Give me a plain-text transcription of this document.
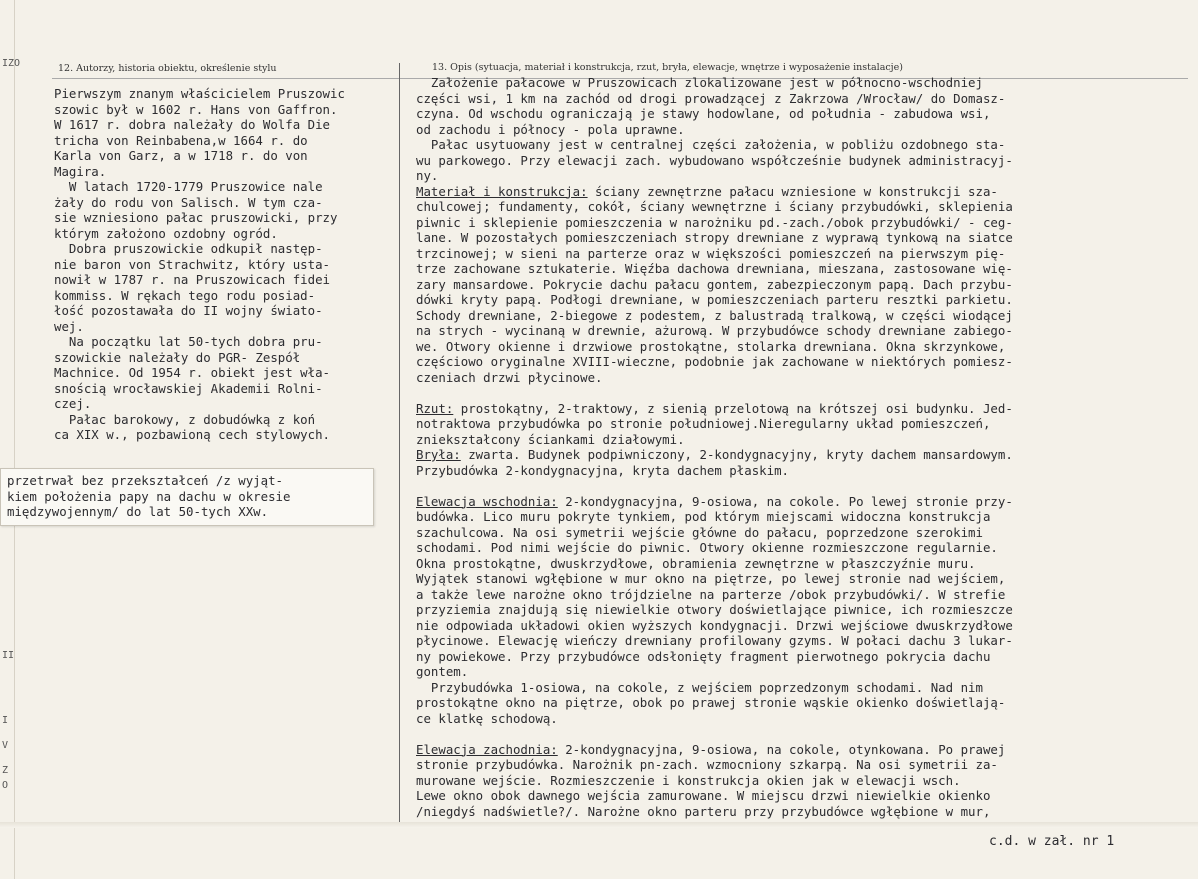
IZO
II
I
V
Z
O
12. Autorzy, historia obiektu, określenie stylu	13. Opis (sytuacja, materiał i konstrukcja, rzut, bryła, elewacje, wnętrze i wyposażenie instalacje)
Pierwszym znanym właścicielem Pruszowic
szowic był w 1602 r. Hans von Gaffron.
W 1617 r. dobra należały do Wolfa Die
tricha von Reinbabena,w 1664 r. do
Karla von Garz, a w 1718 r. do von
Magira.
W latach 1720-1779 Pruszowice nale
żały do rodu von Salisch. W tym cza-
sie wzniesiono pałac pruszowicki, przy
którym założono ozdobny ogród.
Dobra pruszowickie odkupił następ-
nie baron von Strachwitz, który usta-
nowił w 1787 r. na Pruszowicach fidei
kommiss. W rękach tego rodu posiad-
łość pozostawała do II wojny świato-
wej.
Na początku lat 50-tych dobra pru-
szowickie należały do PGR- Zespół
Machnice. Od 1954 r. obiekt jest wła-
snością wrocławskiej Akademii Rolni-
czej.
Pałac barokowy, z dobudówką z koń
ca XIX w., pozbawioną cech stylowych.
przetrwał bez przekształceń /z wyjąt-
kiem położenia papy na dachu w okresie
międzywojennym/ do lat 50-tych XXw.
Założenie pałacowe w Pruszowicach zlokalizowane jest w północno-wschodniej
części wsi, 1 km na zachód od drogi prowadzącej z Zakrzowa /Wrocław/ do Domasz-
czyna. Od wschodu ograniczają je stawy hodowlane, od południa - zabudowa wsi,
od zachodu i północy - pola uprawne.
Pałac usytuowany jest w centralnej części założenia, w pobliżu ozdobnego sta-
wu parkowego. Przy elewacji zach. wybudowano współcześnie budynek administracyj-
ny.
Materiał i konstrukcja: ściany zewnętrzne pałacu wzniesione w konstrukcji sza-
chulcowej; fundamenty, cokół, ściany wewnętrzne i ściany przybudówki, sklepienia
piwnic i sklepienie pomieszczenia w narożniku pd.-zach./obok przybudówki/ - ceg-
lane. W pozostałych pomieszczeniach stropy drewniane z wyprawą tynkową na siatce
trzcinowej; w sieni na parterze oraz w większości pomieszczeń na pierwszym pię-
trze zachowane sztukaterie. Więźba dachowa drewniana, mieszana, zastosowane wię-
zary mansardowe. Pokrycie dachu pałacu gontem, zabezpieczonym papą. Dach przybu-
dówki kryty papą. Podłogi drewniane, w pomieszczeniach parteru resztki parkietu.
Schody drewniane, 2-biegowe z podestem, z balustradą tralkową, w części wiodącej
na strych - wycinaną w drewnie, ażurową. W przybudówce schody drewniane zabiego-
we. Otwory okienne i drzwiowe prostokątne, stolarka drewniana. Okna skrzynkowe,
częściowo oryginalne XVIII-wieczne, podobnie jak zachowane w niektórych pomiesz-
czeniach drzwi płycinowe.
Rzut: prostokątny, 2-traktowy, z sienią przelotową na krótszej osi budynku. Jed-
notraktowa przybudówka po stronie południowej.Nieregularny układ pomieszczeń,
zniekształcony ściankami działowymi.
Bryła: zwarta. Budynek podpiwniczony, 2-kondygnacyjny, kryty dachem mansardowym.
Przybudówka 2-kondygnacyjna, kryta dachem płaskim.
Elewacja wschodnia: 2-kondygnacyjna, 9-osiowa, na cokole. Po lewej stronie przy-
budówka. Lico muru pokryte tynkiem, pod którym miejscami widoczna konstrukcja
szachulcowa. Na osi symetrii wejście główne do pałacu, poprzedzone szerokimi
schodami. Pod nimi wejście do piwnic. Otwory okienne rozmieszczone regularnie.
Okna prostokątne, dwuskrzydłowe, obramienia zewnętrzne w płaszczyźnie muru.
Wyjątek stanowi wgłębione w mur okno na piętrze, po lewej stronie nad wejściem,
a także lewe narożne okno trójdzielne na parterze /obok przybudówki/. W strefie
przyziemia znajdują się niewielkie otwory doświetlające piwnice, ich rozmieszcze
nie odpowiada układowi okien wyższych kondygnacji. Drzwi wejściowe dwuskrzydłowe
płycinowe. Elewację wieńczy drewniany profilowany gzyms. W połaci dachu 3 lukar-
ny powiekowe. Przy przybudówce odsłonięty fragment pierwotnego pokrycia dachu
gontem.
Przybudówka 1-osiowa, na cokole, z wejściem poprzedzonym schodami. Nad nim
prostokątne okno na piętrze, obok po prawej stronie wąskie okienko doświetlają-
ce klatkę schodową.
Elewacja zachodnia: 2-kondygnacyjna, 9-osiowa, na cokole, otynkowana. Po prawej
stronie przybudówka. Narożnik pn-zach. wzmocniony szkarpą. Na osi symetrii za-
murowane wejście. Rozmieszczenie i konstrukcja okien jak w elewacji wsch.
Lewe okno obok dawnego wejścia zamurowane. W miejscu drzwi niewielkie okienko
/niegdyś nadświetle?/. Narożne okno parteru przy przybudówce wgłębione w mur,
c.d. w zał. nr 1
